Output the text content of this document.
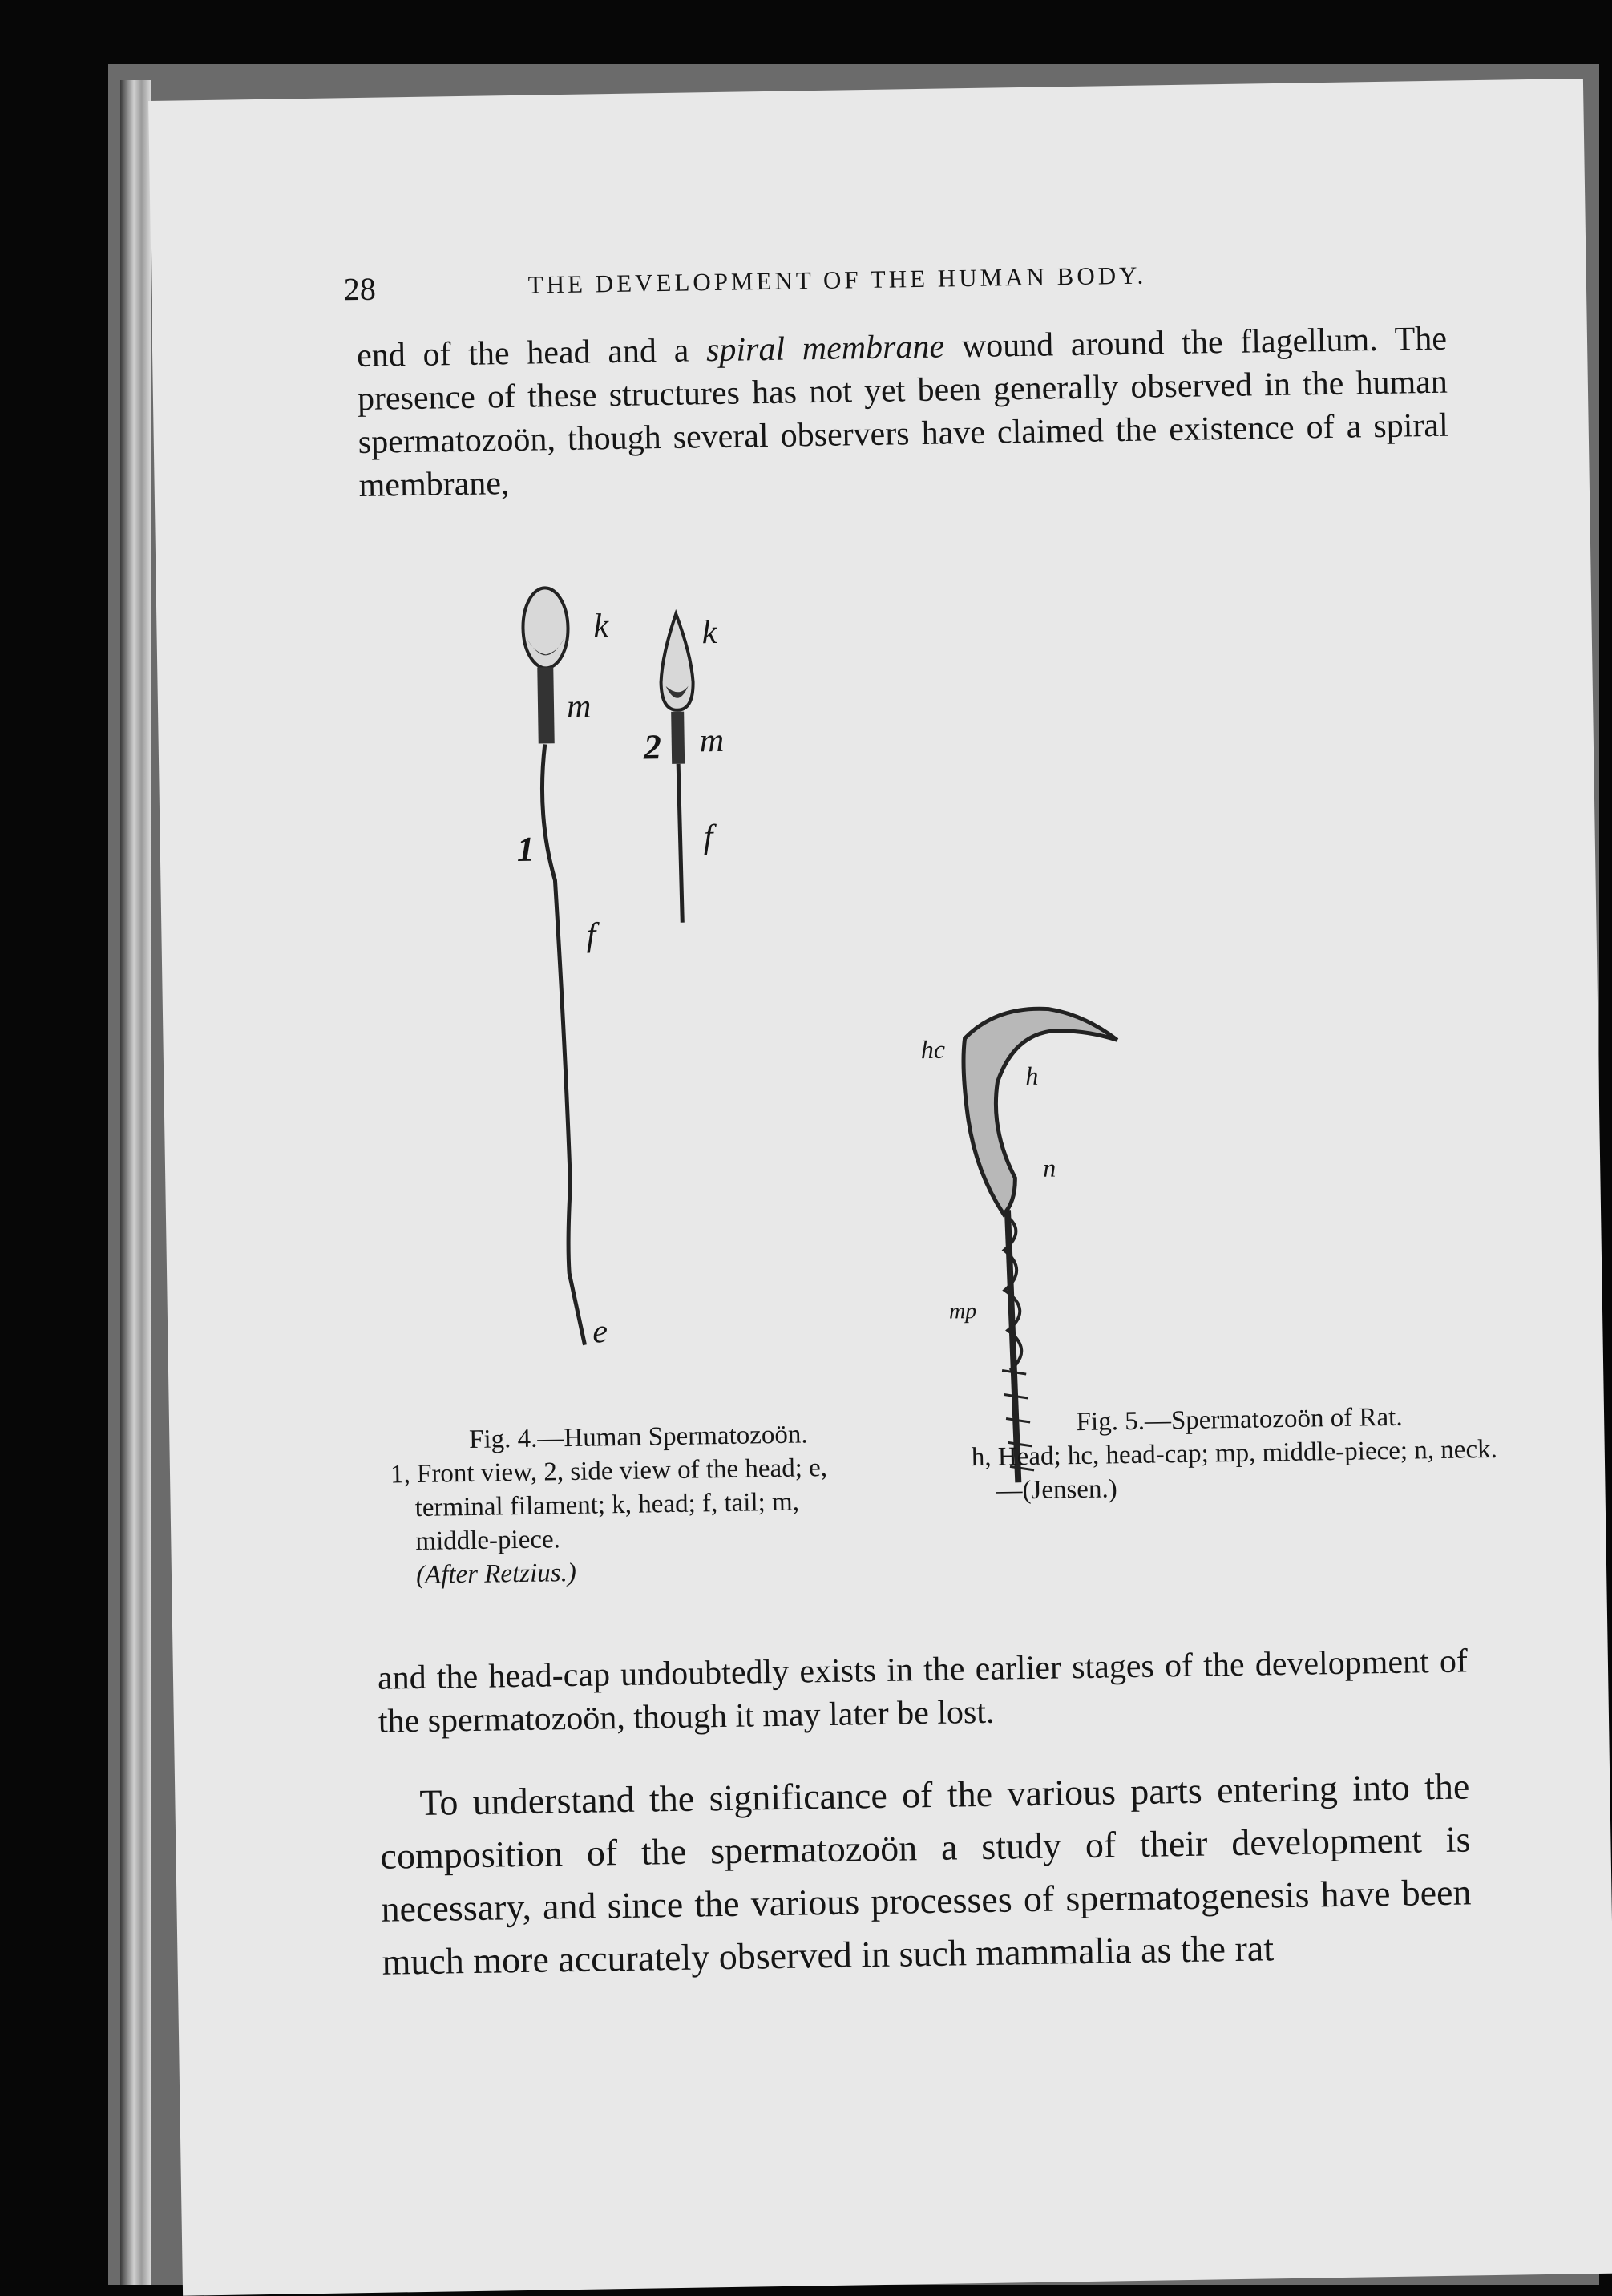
28	THE DEVELOPMENT OF THE HUMAN BODY.

end of the head and a spiral membrane wound around the flagellum. The presence of these structures has not yet been generally observed in the human spermatozoön, though several observers have claimed the existence of a spiral membrane,

k
m
1
f
e
k
2 m
f
hc
h
n
mp

Fig. 4.—Human Spermatozoön.
1, Front view, 2, side view of the head; e, terminal filament; k, head; f, tail; m, middle-piece.
(After Retzius.)

Fig. 5.—Spermatozoön of Rat.
h, Head; hc, head-cap; mp, middle-piece; n, neck.—(Jensen.)

and the head-cap undoubtedly exists in the earlier stages of the development of the spermatozoön, though it may later be lost.

To understand the significance of the various parts entering into the composition of the spermatozoön a study of their development is necessary, and since the various processes of spermatogenesis have been much more accurately observed in such mammalia as the rat
